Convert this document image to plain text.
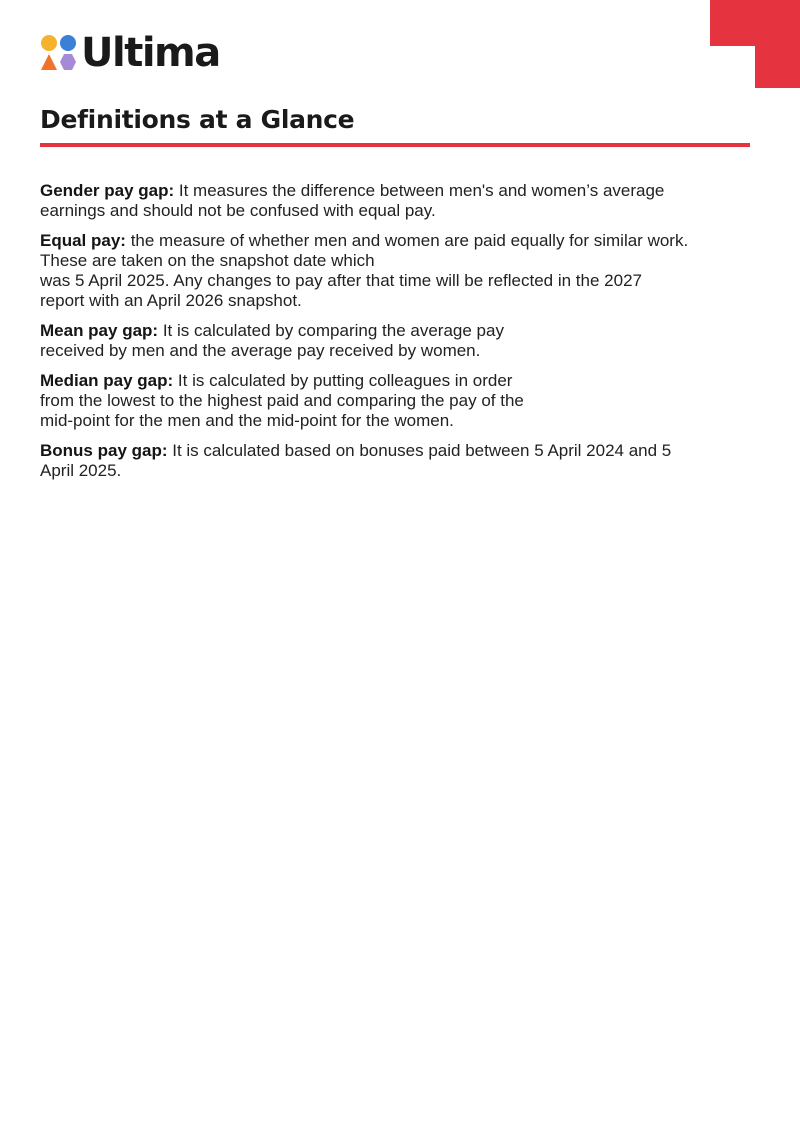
Ultima
Definitions at a Glance

Gender pay gap: It measures the difference between men's and women’s average
earnings and should not be confused with equal pay.

Equal pay: the measure of whether men and women are paid equally for similar work.
These are taken on the snapshot date which
was 5 April 2025. Any changes to pay after that time will be reflected in the 2027
report with an April 2026 snapshot.

Mean pay gap: It is calculated by comparing the average pay
received by men and the average pay received by women.

Median pay gap: It is calculated by putting colleagues in order
from the lowest to the highest paid and comparing the pay of the
mid-point for the men and the mid-point for the women.

Bonus pay gap: It is calculated based on bonuses paid between 5 April 2024 and 5
April 2025.
